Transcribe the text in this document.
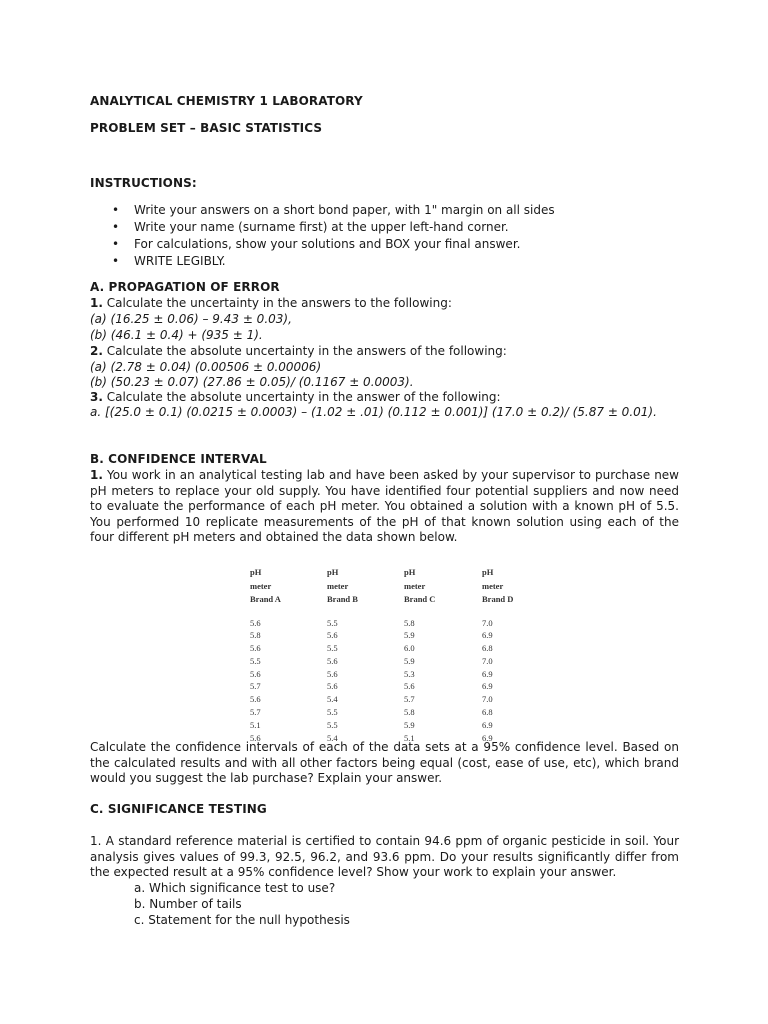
ANALYTICAL CHEMISTRY 1 LABORATORY
PROBLEM SET – BASIC STATISTICS
INSTRUCTIONS:
• Write your answers on a short bond paper, with 1" margin on all sides
• Write your name (surname first) at the upper left-hand corner.
• For calculations, show your solutions and BOX your final answer.
• WRITE LEGIBLY.
A. PROPAGATION OF ERROR
1. Calculate the uncertainty in the answers to the following:
(a) (16.25 ± 0.06) – 9.43 ± 0.03),
(b) (46.1 ± 0.4) + (935 ± 1).
2. Calculate the absolute uncertainty in the answers of the following:
(a) (2.78 ± 0.04) (0.00506 ± 0.00006)
(b) (50.23 ± 0.07) (27.86 ± 0.05)/ (0.1167 ± 0.0003).
3. Calculate the absolute uncertainty in the answer of the following:
a. [(25.0 ± 0.1) (0.0215 ± 0.0003) – (1.02 ± .01) (0.112 ± 0.001)] (17.0 ± 0.2)/ (5.87 ± 0.01).
B. CONFIDENCE INTERVAL
1. You work in an analytical testing lab and have been asked by your supervisor to purchase new pH meters to replace your old supply. You have identified four potential suppliers and now need to evaluate the performance of each pH meter. You obtained a solution with a known pH of 5.5. You performed 10 replicate measurements of the pH of that known solution using each of the four different pH meters and obtained the data shown below.
pH
meter
Brand A
5.6
5.8
5.6
5.5
5.6
5.7
5.6
5.7
5.1
5.6
pH
meter
Brand B
5.5
5.6
5.5
5.6
5.6
5.6
5.4
5.5
5.5
5.4
pH
meter
Brand C
5.8
5.9
6.0
5.9
5.3
5.6
5.7
5.8
5.9
5.1
pH
meter
Brand D
7.0
6.9
6.8
7.0
6.9
6.9
7.0
6.8
6.9
6.9
Calculate the confidence intervals of each of the data sets at a 95% confidence level. Based on the calculated results and with all other factors being equal (cost, ease of use, etc), which brand would you suggest the lab purchase? Explain your answer.
C. SIGNIFICANCE TESTING
1. A standard reference material is certified to contain 94.6 ppm of organic pesticide in soil. Your analysis gives values of 99.3, 92.5, 96.2, and 93.6 ppm. Do your results significantly differ from the expected result at a 95% confidence level? Show your work to explain your answer.
a. Which significance test to use?
b. Number of tails
c. Statement for the null hypothesis
